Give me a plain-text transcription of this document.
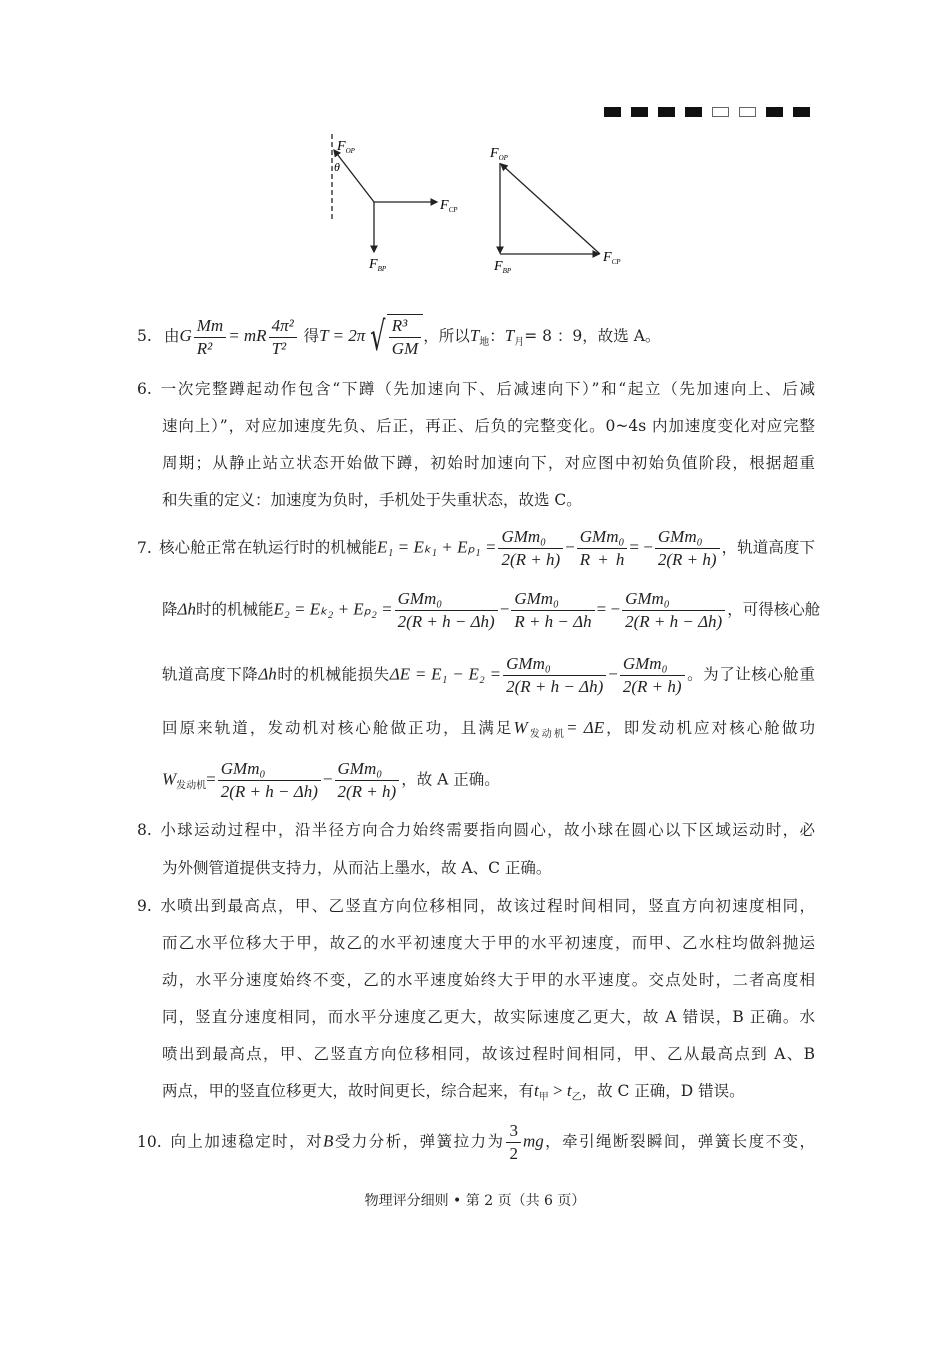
$F_{OP}$
θ
$F_{CP}$
$F_{BP}$
$F_{OP}$
$F_{BP}$
$F_{CP}$
5. 由G $\frac{Mm}{\text{R²}}$ = mR $\frac{\text{4π²}}{\text{T²}}$ 得T = 2π √ $\frac{\text{R³}}{GM}$ ，所以$T_地$：$T_月= 8$ ：9，故选 A。
6. 一次完整蹲起动作包含“下蹲（先加速向下、后减速向下）”和“起立（先加速向上、后减
速向上）”，对应加速度先负、后正，再正、后负的完整变化。0~4s 内加速度变化对应完整
周期；从静止站立状态开始做下蹲，初始时加速向下，对应图中初始负值阶段，根据超重
和失重的定义：加速度为负时，手机处于失重状态，故选 C。
7. 核心舱正常在轨运行时的机械能E₁ = Eₖ₁ + Eₚ₁ =
GMm₀
2(R + h)
−
GMm₀
R + h
= −
GMm₀
2(R + h)
，轨道高度下
降Δh时的机械能E₂ = Eₖ₂ + Eₚ₂ =
GMm₀
2(R + h − Δh)
−
GMm₀
R + h − Δh
= −
GMm₀
2(R + h − Δh)
，可得核心舱
轨道高度下降Δh时的机械能损失ΔE = E₁ − E₂ =
GMm₀
2(R + h − Δh)
−
GMm₀
2(R + h)
。为了让核心舱重
回原来轨道，发动机对核心舱做正功，且满足$W_{发动机}= \Delta E$，即发动机应对核心舱做功
$W_{发动机}=$
GMm₀
2(R + h − Δh)
−
GMm₀
2(R + h)
，故 A 正确。
8. 小球运动过程中，沿半径方向合力始终需要指向圆心，故小球在圆心以下区域运动时，必
为外侧管道提供支持力，从而沾上墨水，故 A、C 正确。
9. 水喷出到最高点，甲、乙竖直方向位移相同，故该过程时间相同，竖直方向初速度相同，
而乙水平位移大于甲，故乙的水平初速度大于甲的水平初速度，而甲、乙水柱均做斜抛运
动，水平分速度始终不变，乙的水平速度始终大于甲的水平速度。交点处时，二者高度相
同，竖直分速度相同，而水平分速度乙更大，故实际速度乙更大，故 A 错误，B 正确。水
喷出到最高点，甲、乙竖直方向位移相同，故该过程时间相同，甲、乙从最高点到 A、B
两点，甲的竖直位移更大，故时间更长，综合起来，有$t_甲 > t_乙$，故 C 正确，D 错误。
10. 向上加速稳定时，对B受力分析，弹簧拉力为 $\frac{3}{2}$ mg，牵引绳断裂瞬间，弹簧长度不变，
物理评分细则 • 第 2 页（共 6 页）
